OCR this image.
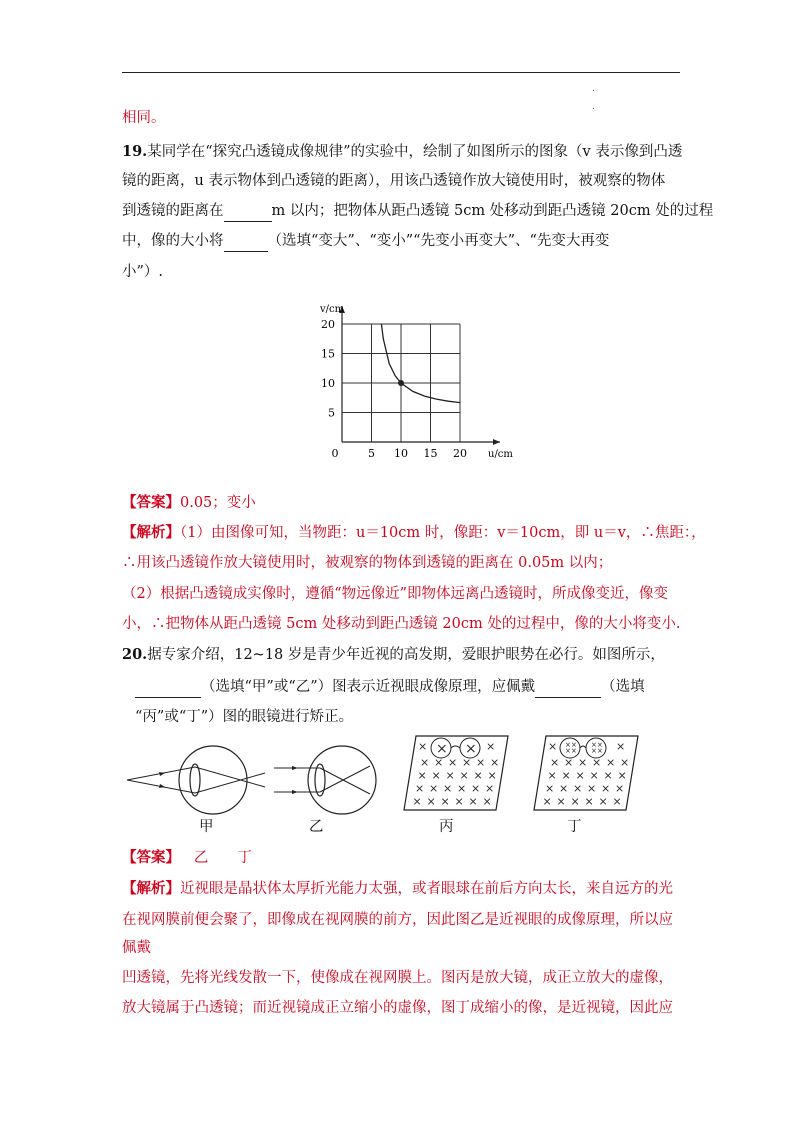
.
.
相同。
19.某同学在“探究凸透镜成像规律”的实验中，绘制了如图所示的图象（v 表示像到凸透
镜的距离，u 表示物体到凸透镜的距离），用该凸透镜作放大镜使用时，被观察的物体
到透镜的距离在	m 以内；把物体从距凸透镜 5cm 处移动到距凸透镜 20cm 处的过程
中，像的大小将	（选填“变大”、“变小”“先变小再变大”、“先变大再变
小”）.
0	5 10 15 20
5
10
15
20
v/cm
u/cm
【答案】0.05；变小
【解析】（1）由图像可知，当物距：u＝10cm 时，像距：v＝10cm，即 u＝v，∴焦距：，
∴用该凸透镜作放大镜使用时，被观察的物体到透镜的距离在 0.05m 以内；
（2）根据凸透镜成实像时，遵循“物远像近”即物体远离凸透镜时，所成像变近，像变
小，∴把物体从距凸透镜 5cm 处移动到距凸透镜 20cm 处的过程中，像的大小将变小.
20.据专家介绍，12~18 岁是青少年近视的高发期，爱眼护眼势在必行。如图所示，
（选填“甲”或“乙”）图表示近视眼成像原理，应佩戴	（选填
“丙”或“丁”）图的眼镜进行矫正。
× × × × × ×
× × × × × ×
× × × × × ×
× × × × × ×
×	×
× ×
× × × × × ×
× × × × × ×
× × × × × ×
× × × × × ×
×	×
× ×
× ×
× ×
× ×
甲	乙	丙	丁
【答案】 乙　　丁
【解析】近视眼是晶状体太厚折光能力太强，或者眼球在前后方向太长，来自远方的光
在视网膜前便会聚了，即像成在视网膜的前方，因此图乙是近视眼的成像原理，所以应
佩戴
凹透镜，先将光线发散一下，使像成在视网膜上。图丙是放大镜，成正立放大的虚像，
放大镜属于凸透镜；而近视镜成正立缩小的虚像，图丁成缩小的像，是近视镜，因此应
